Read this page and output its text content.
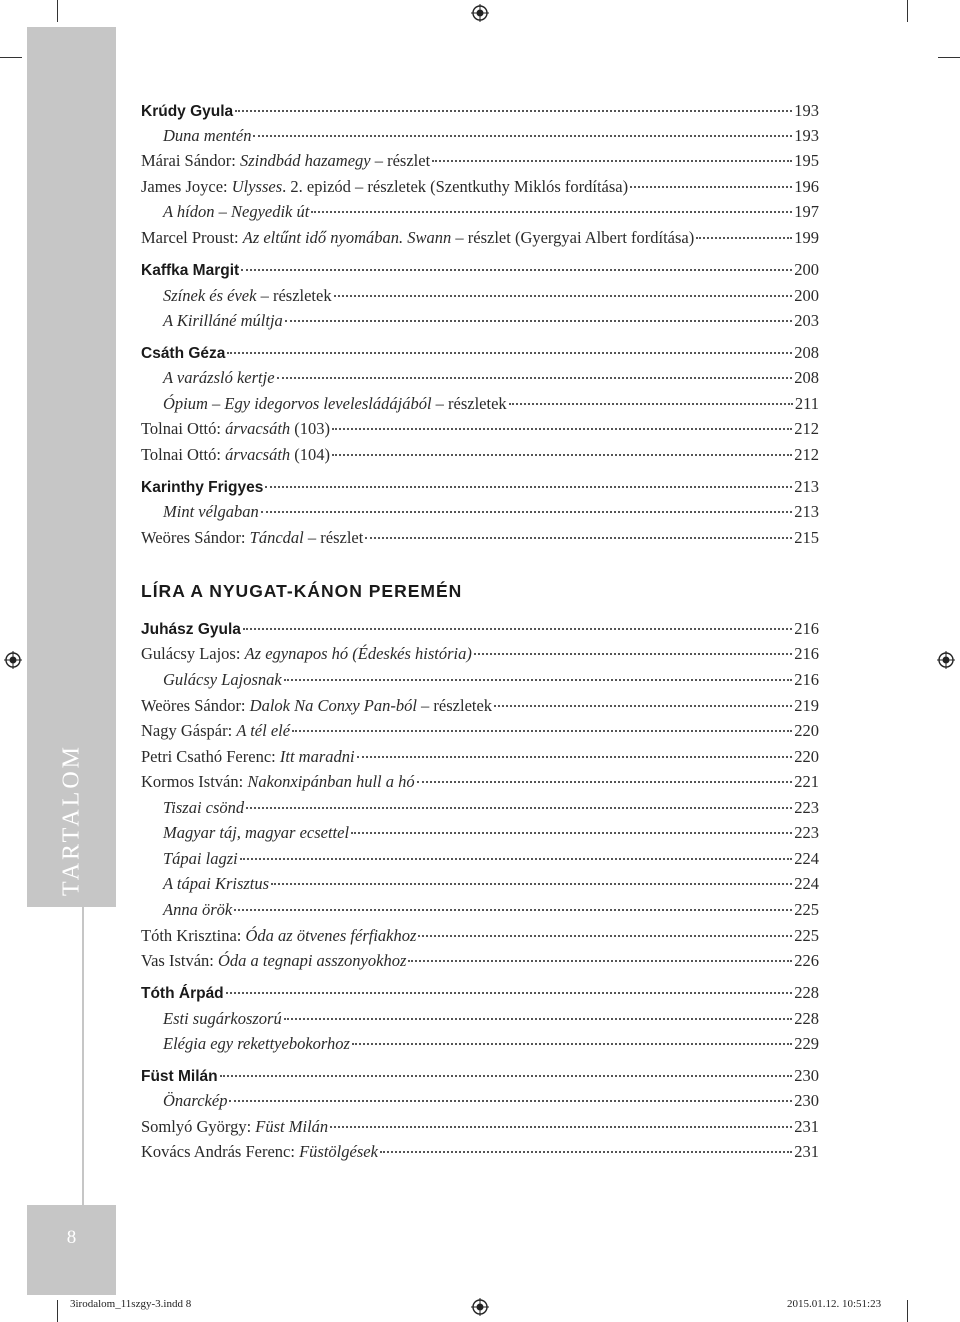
TARTALOM
8
Krúdy Gyula	193
Duna mentén	193
Márai Sándor: Szindbád hazamegy – részlet	195
James Joyce: Ulysses. 2. epizód – részletek (Szentkuthy Miklós fordítása)	196
A hídon – Negyedik út	197
Marcel Proust: Az eltűnt idő nyomában. Swann – részlet (Gyergyai Albert fordítása)	199
Kaffka Margit	200
Színek és évek – részletek	200
A Kirilláné múltja	203
Csáth Géza	208
A varázsló kertje	208
Ópium – Egy idegorvos levelesládájából – részletek	211
Tolnai Ottó: árvacsáth (103)	212
Tolnai Ottó: árvacsáth (104)	212
Karinthy Frigyes	213
Mint vélgaban	213
Weöres Sándor: Táncdal – részlet	215
Juhász Gyula	216
Gulácsy Lajos: Az egynapos hó (Édeskés história)	216
Gulácsy Lajosnak	216
Weöres Sándor: Dalok Na Conxy Pan-ból – részletek	219
Nagy Gáspár: A tél elé	220
Petri Csathó Ferenc: Itt maradni	220
Kormos István: Nakonxipánban hull a hó	221
Tiszai csönd	223
Magyar táj, magyar ecsettel	223
Tápai lagzi	224
A tápai Krisztus	224
Anna örök	225
Tóth Krisztina: Óda az ötvenes férfiakhoz	225
Vas István: Óda a tegnapi asszonyokhoz	226
Tóth Árpád	228
Esti sugárkoszorú	228
Elégia egy rekettyebokorhoz	229
Füst Milán	230
Önarckép	230
Somlyó György: Füst Milán	231
Kovács András Ferenc: Füstölgések	231
LÍRA A NYUGAT-KÁNON PEREMÉN
3irodalom_11szgy-3.indd 8	2015.01.12. 10:51:23
